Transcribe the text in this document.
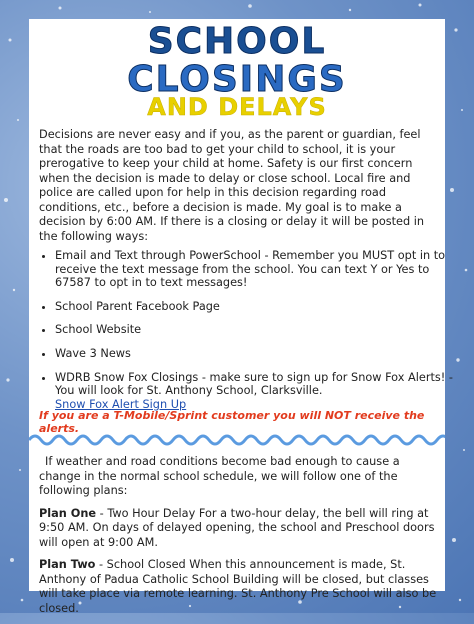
SCHOOL
CLOSINGS
AND DELAYS
Decisions are never easy and if you, as the parent or guardian, feel that the roads are too bad to get your child to school, it is your prerogative to keep your child at home. Safety is our first concern when the decision is made to delay or close school. Local fire and police are called upon for help in this decision regarding road conditions, etc., before a decision is made. My goal is to make a decision by 6:00 AM. If there is a closing or delay it will be posted in the following ways:
• Email and Text through PowerSchool - Remember you MUST opt in to receive the text message from the school. You can text Y or Yes to 67587 to opt in to text messages!
• School Parent Facebook Page
• School Website
• Wave 3 News
• WDRB Snow Fox Closings - make sure to sign up for Snow Fox Alerts! -You will look for St. Anthony School, Clarksville.
Snow Fox Alert Sign Up
If you are a T-Mobile/Sprint customer you will NOT receive the alerts.

If weather and road conditions become bad enough to cause a change in the normal school schedule, we will follow one of the following plans:

Plan One - Two Hour Delay For a two-hour delay, the bell will ring at 9:50 AM. On days of delayed opening, the school and Preschool doors will open at 9:00 AM.

Plan Two - School Closed When this announcement is made, St. Anthony of Padua Catholic School Building will be closed, but classes will take place via remote learning. St. Anthony Pre School will also be closed.
